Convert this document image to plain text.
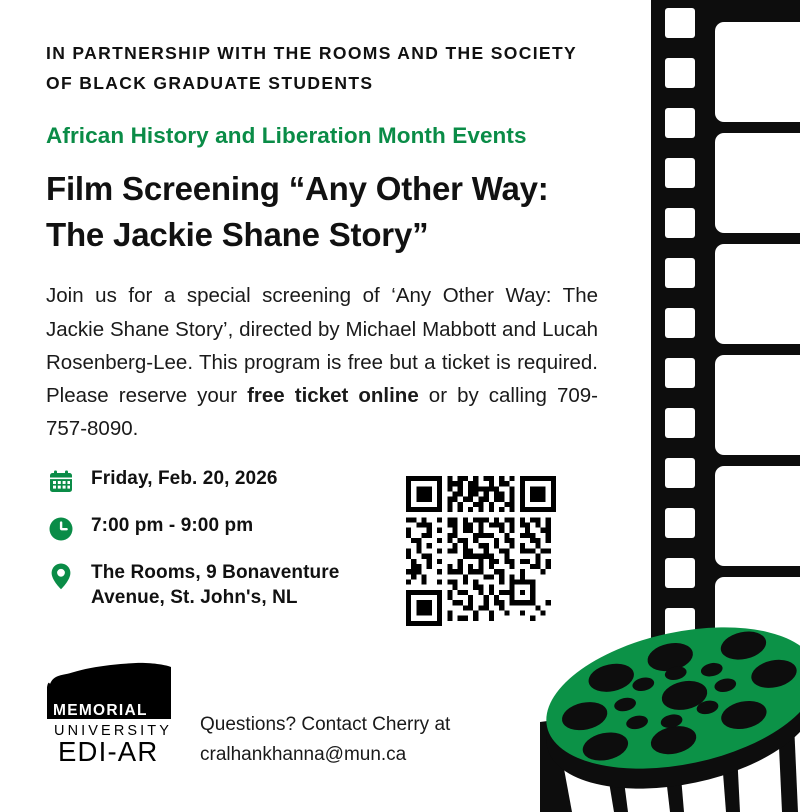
IN PARTNERSHIP WITH THE ROOMS AND THE SOCIETY OF BLACK GRADUATE STUDENTS
African History and Liberation Month Events
Film Screening “Any Other Way: The Jackie Shane Story”

Join us for a special screening of ‘Any Other Way: The Jackie Shane Story’, directed by Michael Mabbott and Lucah Rosenberg-Lee. This program is free but a ticket is required. Please reserve your free ticket online or by calling 709-757-8090.

Friday, Feb. 20, 2026
7:00 pm - 9:00 pm
The Rooms, 9 Bonaventure Avenue, St. John's, NL
MEMORIAL
UNIVERSITY
EDI-AR
Questions? Contact Cherry at
cralhankhanna@mun.ca
